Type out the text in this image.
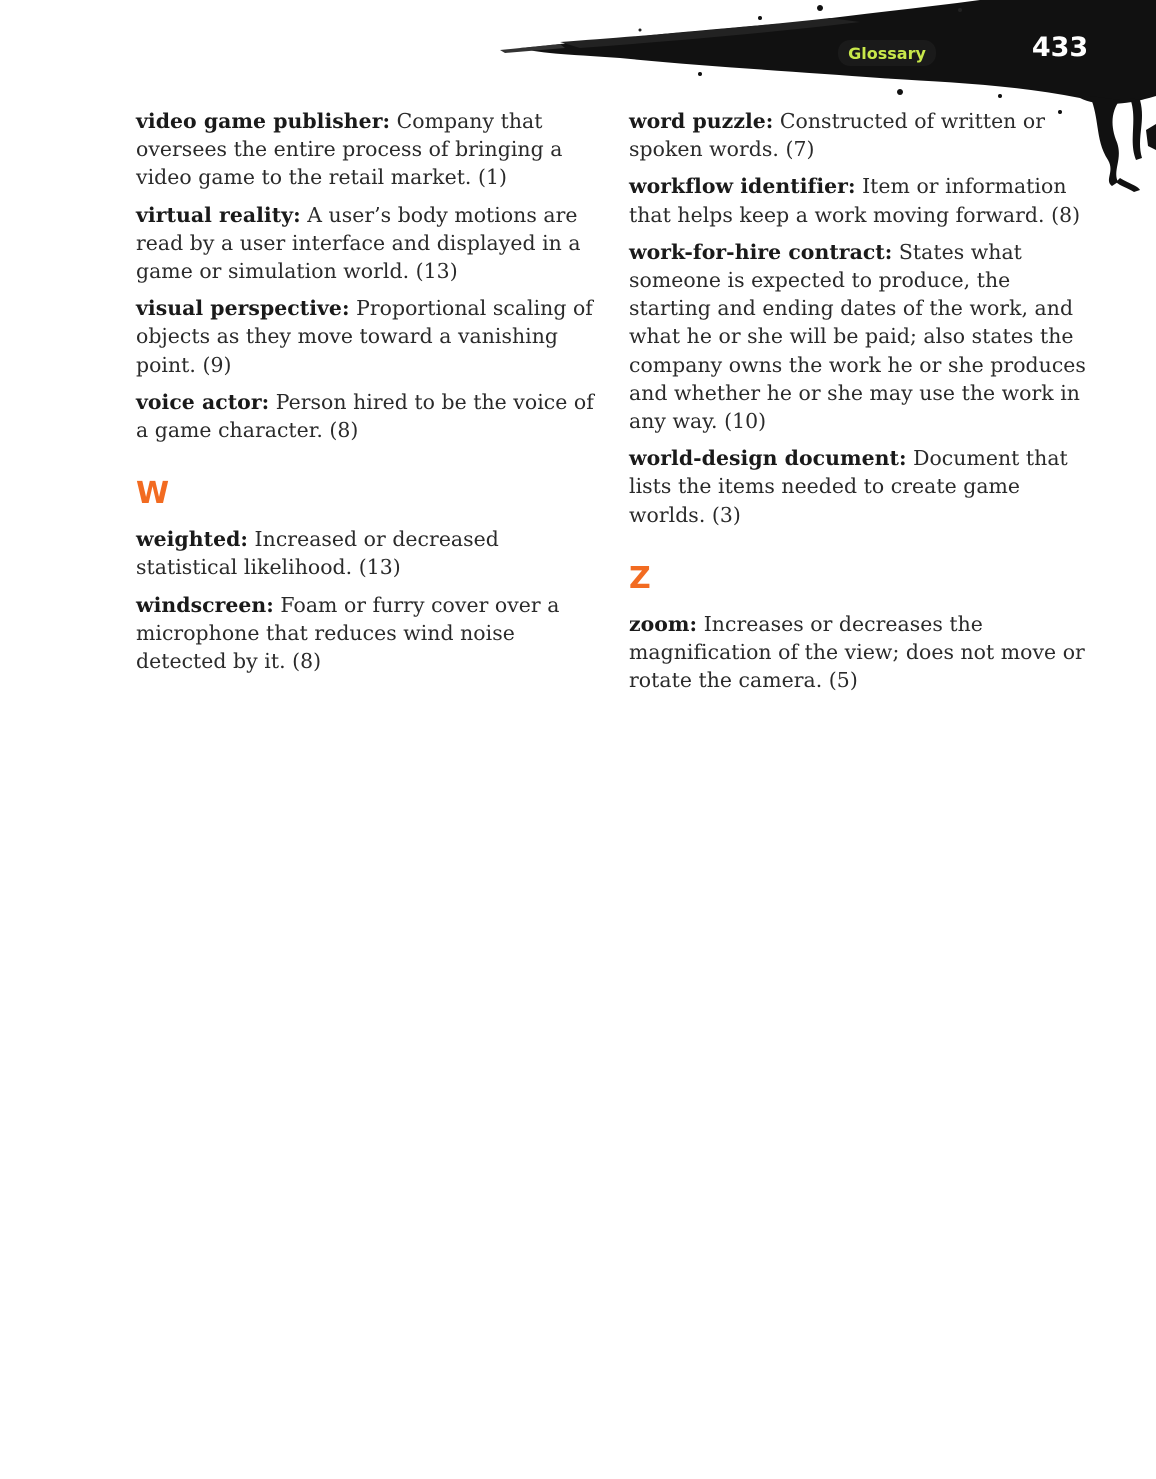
Glossary	433

video game publisher: Company that oversees the entire process of bringing a video game to the retail market. (1)

virtual reality: A user’s body motions are read by a user interface and displayed in a game or simulation world. (13)

visual perspective: Proportional scaling of objects as they move toward a vanishing point. (9)

voice actor: Person hired to be the voice of a game character. (8)

W

weighted: Increased or decreased statistical likelihood. (13)

windscreen: Foam or furry cover over a microphone that reduces wind noise detected by it. (8)

word puzzle: Constructed of written or spoken words. (7)

workflow identifier: Item or information that helps keep a work moving forward. (8)

work-for-hire contract: States what someone is expected to produce, the starting and ending dates of the work, and what he or she will be paid; also states the company owns the work he or she produces and whether he or she may use the work in any way. (10)

world-design document: Document that lists the items needed to create game worlds. (3)

Z

zoom: Increases or decreases the magnification of the view; does not move or rotate the camera. (5)
